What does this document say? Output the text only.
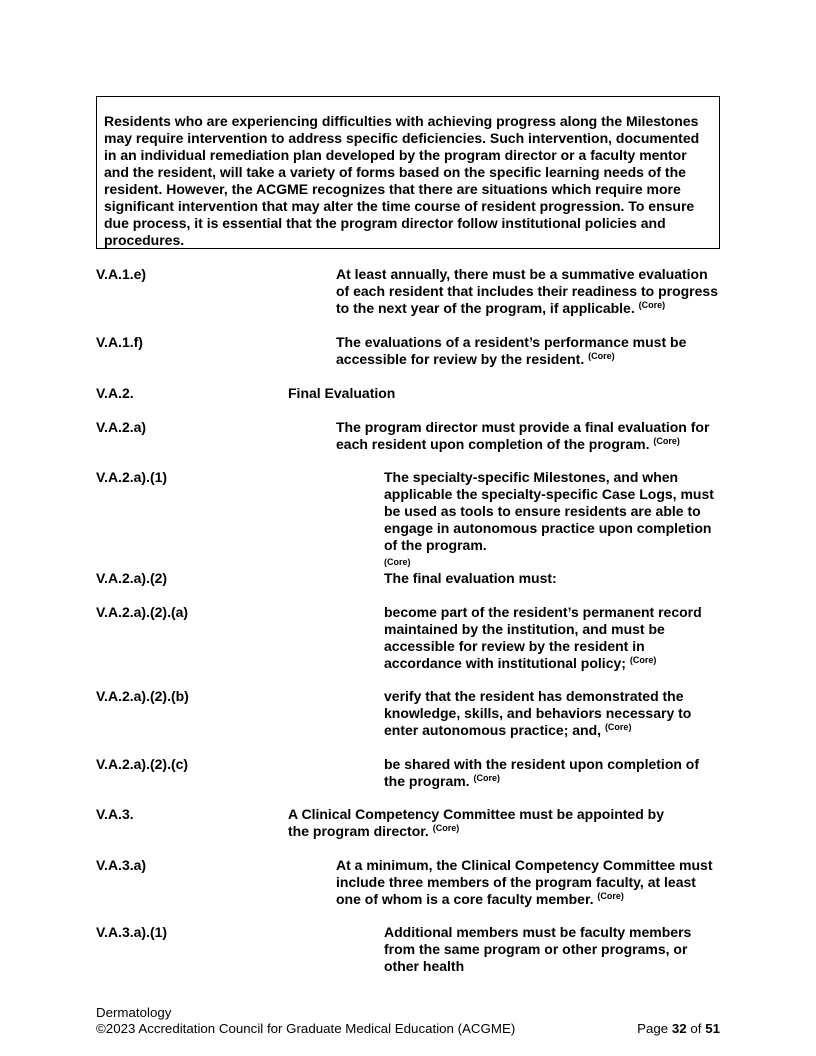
Residents who are experiencing difficulties with achieving progress along the Milestones may require intervention to address specific deficiencies. Such intervention, documented in an individual remediation plan developed by the program director or a faculty mentor and the resident, will take a variety of forms based on the specific learning needs of the resident. However, the ACGME recognizes that there are situations which require more significant intervention that may alter the time course of resident progression. To ensure due process, it is essential that the program director follow institutional policies and procedures.
V.A.1.e)	At least annually, there must be a summative evaluation of each resident that includes their readiness to progress to the next year of the program, if applicable. $^{(Core)}$
V.A.1.f)	The evaluations of a resident’s performance must be accessible for review by the resident. $^{(Core)}$
V.A.2.	Final Evaluation
V.A.2.a)	The program director must provide a final evaluation for each resident upon completion of the program. $^{(Core)}$
V.A.2.a).(1)	The specialty-specific Milestones, and when applicable the specialty-specific Case Logs, must be used as tools to ensure residents are able to engage in autonomous practice upon completion of the program.
$^{(Core)}$
V.A.2.a).(2)	The final evaluation must:
V.A.2.a).(2).(a)	become part of the resident’s permanent record maintained by the institution, and must be accessible for review by the resident in accordance with institutional policy; $^{(Core)}$
V.A.2.a).(2).(b)	verify that the resident has demonstrated the knowledge, skills, and behaviors necessary to enter autonomous practice; and, $^{(Core)}$
V.A.2.a).(2).(c)	be shared with the resident upon completion of the program. $^{(Core)}$
V.A.3.	A Clinical Competency Committee must be appointed by the program director. $^{(Core)}$
V.A.3.a)	At a minimum, the Clinical Competency Committee must include three members of the program faculty, at least one of whom is a core faculty member. $^{(Core)}$
V.A.3.a).(1)	Additional members must be faculty members from the same program or other programs, or other health
Dermatology
©2023 Accreditation Council for Graduate Medical Education (ACGME)	Page 32 of 51
